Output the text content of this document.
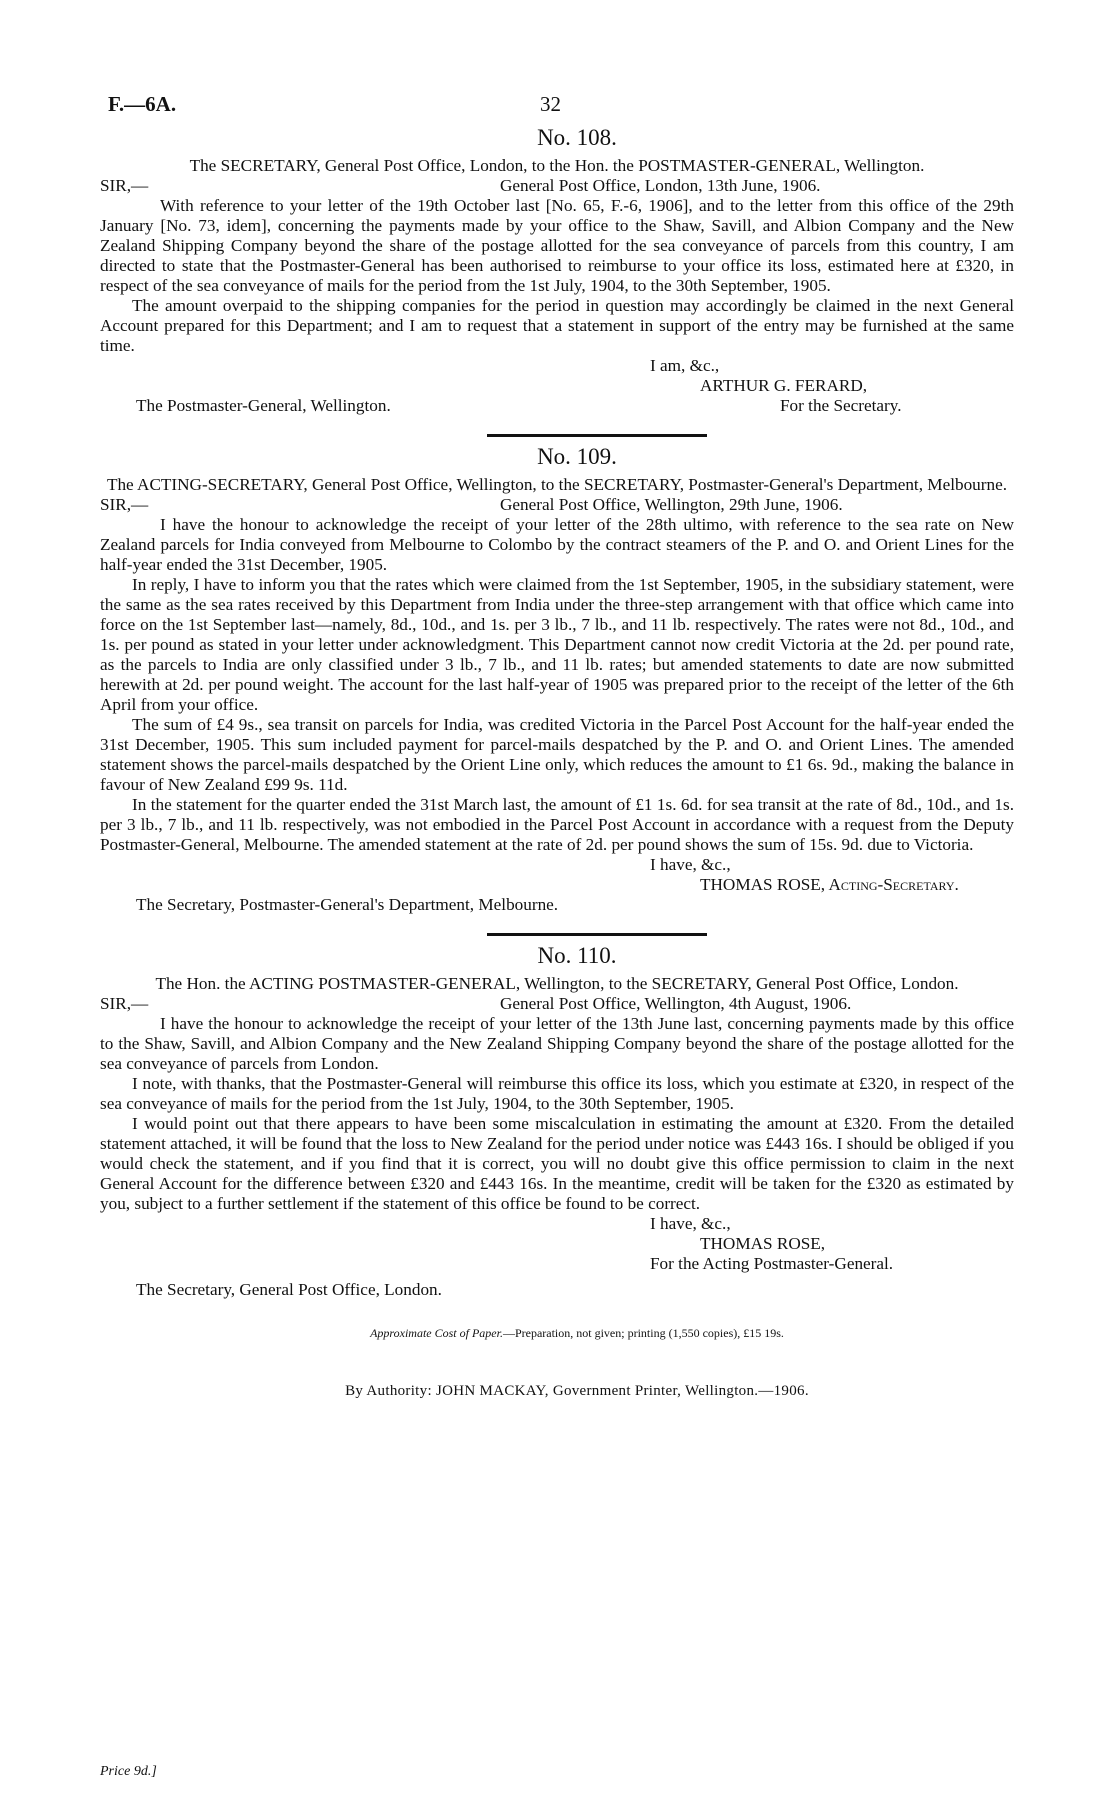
F.—6A.	32

No. 108.

The SECRETARY, General Post Office, London, to the Hon. the POSTMASTER-GENERAL, Wellington.

SIR,—	General Post Office, London, 13th June, 1906.

With reference to your letter of the 19th October last [No. 65, F.-6, 1906], and to the letter from this office of the 29th January [No. 73, idem], concerning the payments made by your office to the Shaw, Savill, and Albion Company and the New Zealand Shipping Company beyond the share of the postage allotted for the sea conveyance of parcels from this country, I am directed to state that the Postmaster-General has been authorised to reimburse to your office its loss, estimated here at £320, in respect of the sea conveyance of mails for the period from the 1st July, 1904, to the 30th September, 1905.

The amount overpaid to the shipping companies for the period in question may accordingly be claimed in the next General Account prepared for this Department; and I am to request that a statement in support of the entry may be furnished at the same time.

I am, &c.,

ARTHUR G. FERARD,

The Postmaster-General, Wellington.	For the Secretary.

No. 109.

The ACTING-SECRETARY, General Post Office, Wellington, to the SECRETARY, Postmaster-General's Department, Melbourne.

SIR,—	General Post Office, Wellington, 29th June, 1906.

I have the honour to acknowledge the receipt of your letter of the 28th ultimo, with reference to the sea rate on New Zealand parcels for India conveyed from Melbourne to Colombo by the contract steamers of the P. and O. and Orient Lines for the half-year ended the 31st December, 1905.

In reply, I have to inform you that the rates which were claimed from the 1st September, 1905, in the subsidiary statement, were the same as the sea rates received by this Department from India under the three-step arrangement with that office which came into force on the 1st September last—namely, 8d., 10d., and 1s. per 3 lb., 7 lb., and 11 lb. respectively. The rates were not 8d., 10d., and 1s. per pound as stated in your letter under acknowledgment. This Department cannot now credit Victoria at the 2d. per pound rate, as the parcels to India are only classified under 3 lb., 7 lb., and 11 lb. rates; but amended statements to date are now submitted herewith at 2d. per pound weight. The account for the last half-year of 1905 was prepared prior to the receipt of the letter of the 6th April from your office.

The sum of £4 9s., sea transit on parcels for India, was credited Victoria in the Parcel Post Account for the half-year ended the 31st December, 1905. This sum included payment for parcel-mails despatched by the P. and O. and Orient Lines. The amended statement shows the parcel-mails despatched by the Orient Line only, which reduces the amount to £1 6s. 9d., making the balance in favour of New Zealand £99 9s. 11d.

In the statement for the quarter ended the 31st March last, the amount of £1 1s. 6d. for sea transit at the rate of 8d., 10d., and 1s. per 3 lb., 7 lb., and 11 lb. respectively, was not embodied in the Parcel Post Account in accordance with a request from the Deputy Postmaster-General, Melbourne. The amended statement at the rate of 2d. per pound shows the sum of 15s. 9d. due to Victoria.

I have, &c.,

THOMAS ROSE, Acting-Secretary.

The Secretary, Postmaster-General's Department, Melbourne.

No. 110.

The Hon. the ACTING POSTMASTER-GENERAL, Wellington, to the SECRETARY, General Post Office, London.

SIR,—	General Post Office, Wellington, 4th August, 1906.

I have the honour to acknowledge the receipt of your letter of the 13th June last, concerning payments made by this office to the Shaw, Savill, and Albion Company and the New Zealand Shipping Company beyond the share of the postage allotted for the sea conveyance of parcels from London.

I note, with thanks, that the Postmaster-General will reimburse this office its loss, which you estimate at £320, in respect of the sea conveyance of mails for the period from the 1st July, 1904, to the 30th September, 1905.

I would point out that there appears to have been some miscalculation in estimating the amount at £320. From the detailed statement attached, it will be found that the loss to New Zealand for the period under notice was £443 16s. I should be obliged if you would check the statement, and if you find that it is correct, you will no doubt give this office permission to claim in the next General Account for the difference between £320 and £443 16s. In the meantime, credit will be taken for the £320 as estimated by you, subject to a further settlement if the statement of this office be found to be correct.

I have, &c.,

THOMAS ROSE,

For the Acting Postmaster-General.
The Secretary, General Post Office, London.
Approximate Cost of Paper.—Preparation, not given; printing (1,550 copies), £15 19s.
By Authority: JOHN MACKAY, Government Printer, Wellington.—1906.
Price 9d.]
